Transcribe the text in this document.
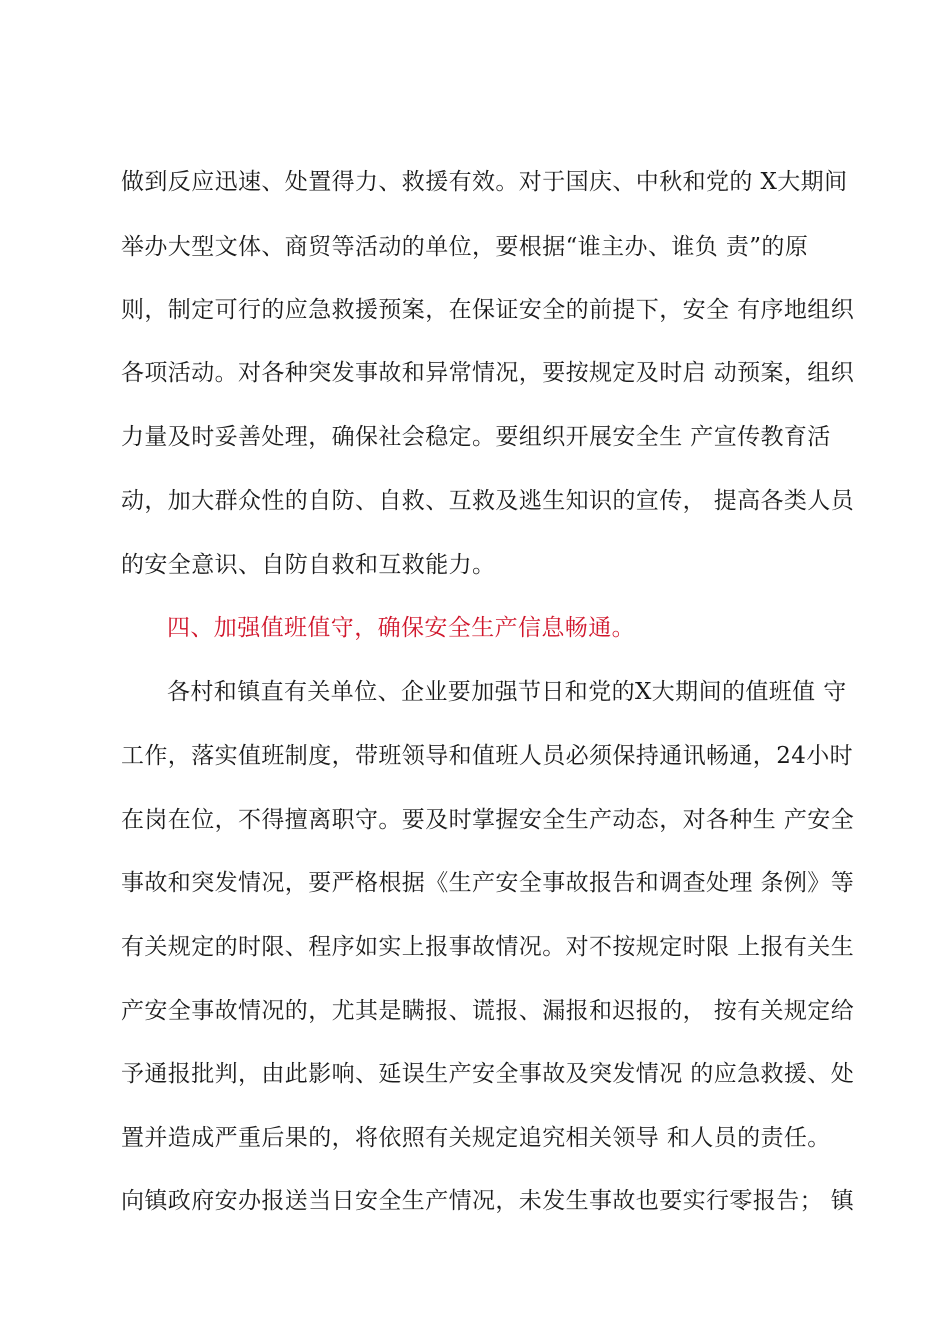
做到反应迅速、处置得力、救援有效。对于国庆、中秋和党的 X大期间
举办大型文体、商贸等活动的单位，要根据“谁主办、谁负 责”的原
则，制定可行的应急救援预案，在保证安全的前提下，安全 有序地组织
各项活动。对各种突发事故和异常情况，要按规定及时启 动预案，组织
力量及时妥善处理，确保社会稳定。要组织开展安全生 产宣传教育活
动，加大群众性的自防、自救、互救及逃生知识的宣传， 提高各类人员
的安全意识、自防自救和互救能力。
四、加强值班值守，确保安全生产信息畅通。
各村和镇直有关单位、企业要加强节日和党的X大期间的值班值 守
工作，落实值班制度，带班领导和值班人员必须保持通讯畅通，24小时
在岗在位，不得擅离职守。要及时掌握安全生产动态，对各种生 产安全
事故和突发情况，要严格根据《生产安全事故报告和调查处理 条例》等
有关规定的时限、程序如实上报事故情况。对不按规定时限 上报有关生
产安全事故情况的，尤其是瞒报、谎报、漏报和迟报的， 按有关规定给
予通报批判，由此影响、延误生产安全事故及突发情况 的应急救援、处
置并造成严重后果的，将依照有关规定追究相关领导 和人员的责任。
向镇政府安办报送当日安全生产情况，未发生事故也要实行零报告； 镇
